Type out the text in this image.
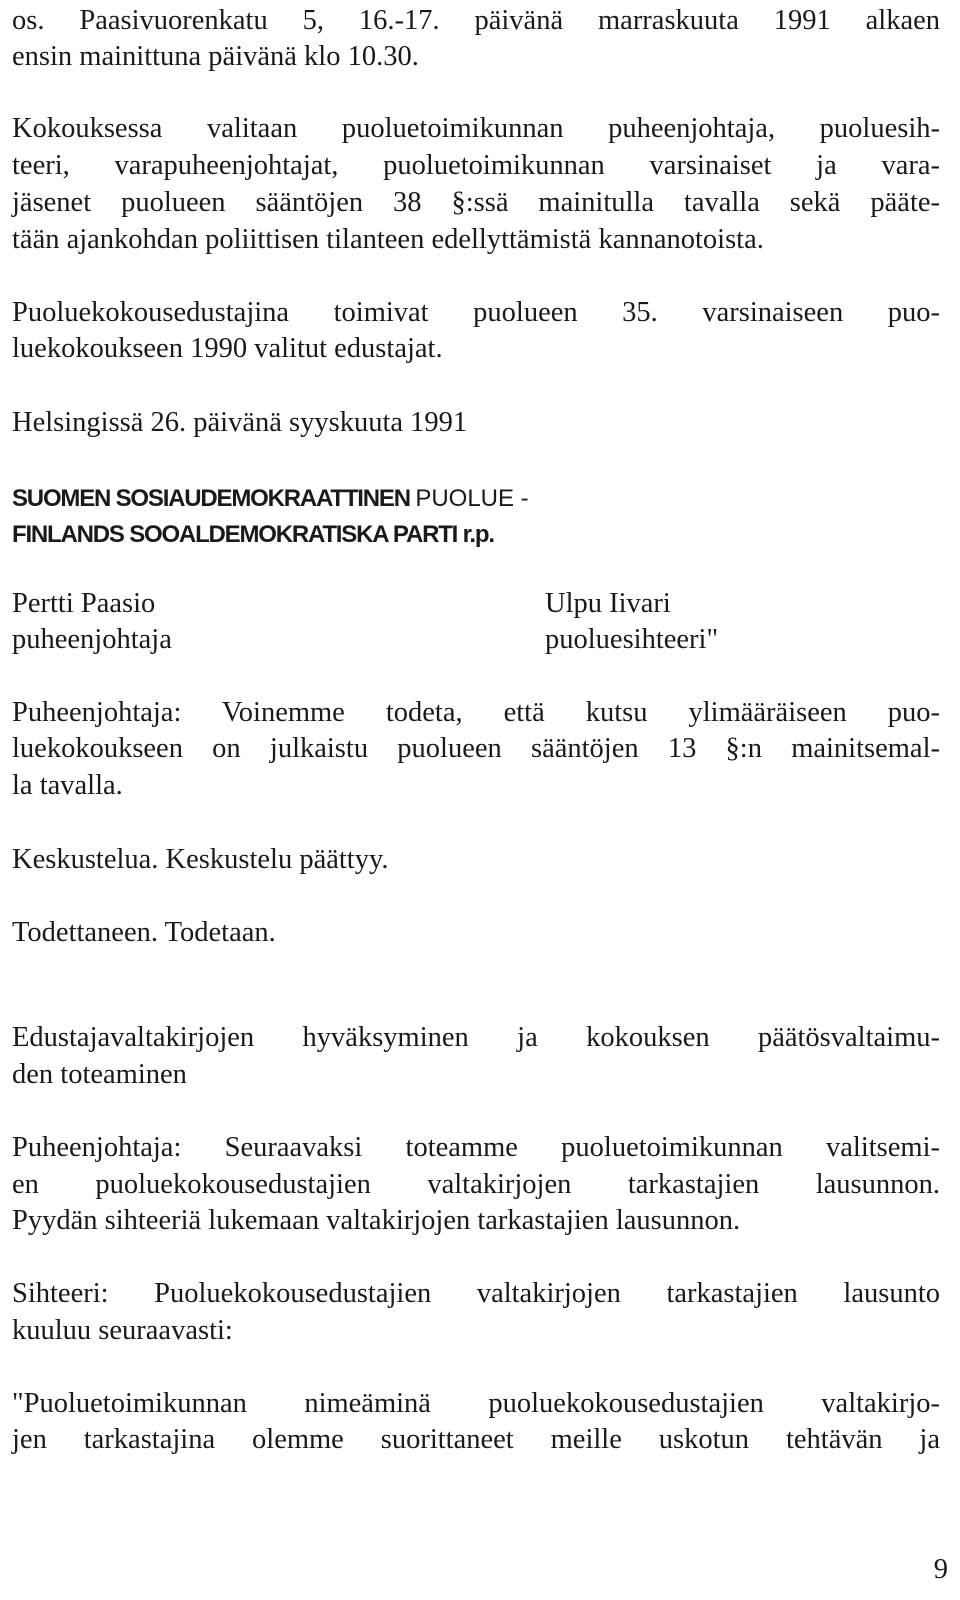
os. Paasivuorenkatu 5, 16.-17. päivänä marraskuuta 1991 alkaen
ensin mainittuna päivänä klo 10.30.
Kokouksessa valitaan puoluetoimikunnan puheenjohtaja, puoluesih-
teeri, varapuheenjohtajat, puoluetoimikunnan varsinaiset ja vara-
jäsenet puolueen sääntöjen 38 §:ssä mainitulla tavalla sekä pääte-
tään ajankohdan poliittisen tilanteen edellyttämistä kannanotoista.
Puoluekokousedustajina toimivat puolueen 35. varsinaiseen puo-
luekokoukseen 1990 valitut edustajat.
Helsingissä 26. päivänä syyskuuta 1991
SUOMEN SOSIAUDEMOKRAATTINEN PUOLUE -
FINLANDS SOOALDEMOKRATISKA PARTI r.p.
Pertti Paasio
puheenjohtaja
Ulpu Iivari
puoluesihteeri"
Puheenjohtaja: Voinemme todeta, että kutsu ylimääräiseen puo-
luekokoukseen on julkaistu puolueen sääntöjen 13 §:n mainitsemal-
la tavalla.
Keskustelua. Keskustelu päättyy.
Todettaneen. Todetaan.
Edustajavaltakirjojen hyväksyminen ja kokouksen päätösvaltaimu-
den toteaminen
Puheenjohtaja: Seuraavaksi toteamme puoluetoimikunnan valitsemi-
en puoluekokousedustajien valtakirjojen tarkastajien lausunnon.
Pyydän sihteeriä lukemaan valtakirjojen tarkastajien lausunnon.
Sihteeri: Puoluekokousedustajien valtakirjojen tarkastajien lausunto
kuuluu seuraavasti:
"Puoluetoimikunnan nimeäminä puoluekokousedustajien valtakirjo-
jen tarkastajina olemme suorittaneet meille uskotun tehtävän ja
9
